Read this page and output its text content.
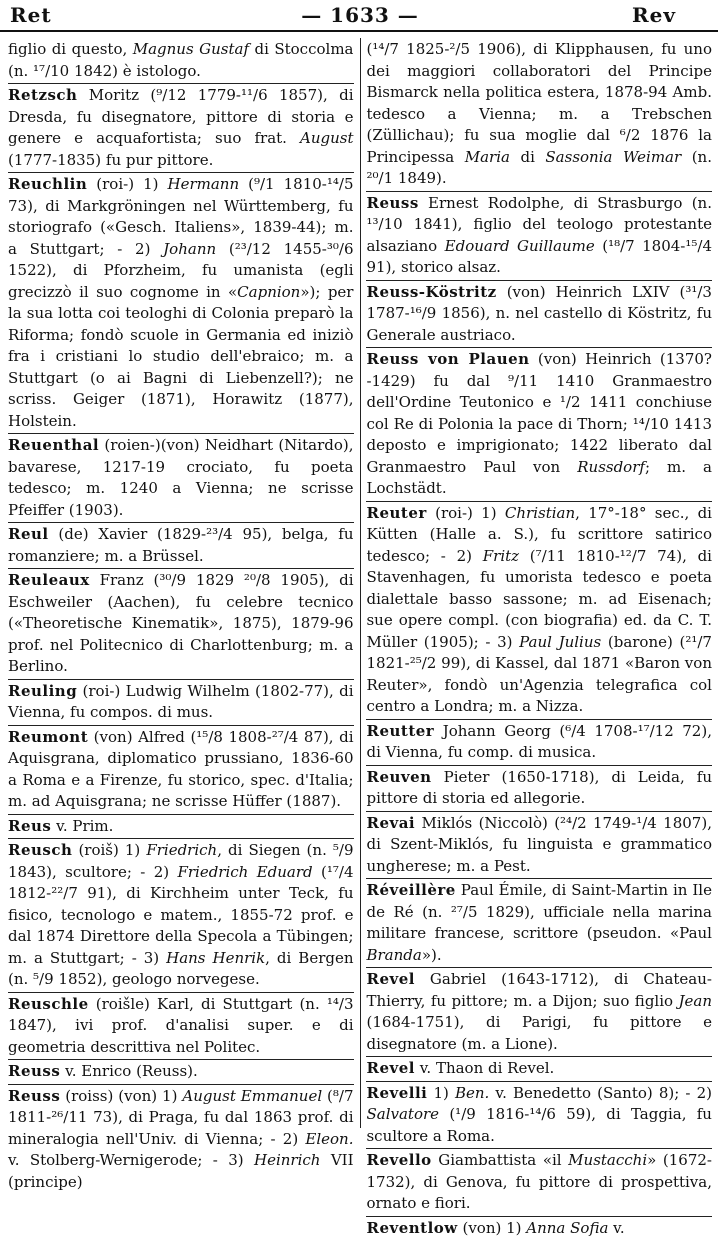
Ret	— 1633 —	Rev

figlio di questo, Magnus Gustaf di Stoccolma (n. ¹⁷/10 1842) è istologo.

Retzsch Moritz (⁹/12 1779-¹¹/6 1857), di Dresda, fu disegnatore, pittore di storia e genere e acquafortista; suo frat. August (1777-1835) fu pur pittore.

Reuchlin (roi-) 1) Hermann (⁹/1 1810-¹⁴/5 73), di Markgröningen nel Württemberg, fu storiografo («Gesch. Italiens», 1839-44); m. a Stuttgart; - 2) Johann (²³/12 1455-³⁰/6 1522), di Pforzheim, fu umanista (egli grecizzò il suo cognome in «Capnion»); per la sua lotta coi teologhi di Colonia preparò la Riforma; fondò scuole in Germania ed iniziò fra i cristiani lo studio dell'ebraico; m. a Stuttgart (o ai Bagni di Liebenzell?); ne scriss. Geiger (1871), Horawitz (1877), Holstein.

Reuenthal (roien-)(von) Neidhart (Nitardo), bavarese, 1217-19 crociato, fu poeta tedesco; m. 1240 a Vienna; ne scrisse Pfeiffer (1903).

Reul (de) Xavier (1829-²³/4 95), belga, fu romanziere; m. a Brüssel.

Reuleaux Franz (³⁰/9 1829 ²⁰/8 1905), di Eschweiler (Aachen), fu celebre tecnico («Theoretische Kinematik», 1875), 1879-96 prof. nel Politecnico di Charlottenburg; m. a Berlino.

Reuling (roi-) Ludwig Wilhelm (1802-77), di Vienna, fu compos. di mus.

Reumont (von) Alfred (¹⁵/8 1808-²⁷/4 87), di Aquisgrana, diplomatico prussiano, 1836-60 a Roma e a Firenze, fu storico, spec. d'Italia; m. ad Aquisgrana; ne scrisse Hüffer (1887).

Reus v. Prim.

Reusch (roiš) 1) Friedrich, di Siegen (n. ⁵/9 1843), scultore; - 2) Friedrich Eduard (¹⁷/4 1812-²²/7 91), di Kirchheim unter Teck, fu fisico, tecnologo e matem., 1855-72 prof. e dal 1874 Direttore della Specola a Tübingen; m. a Stuttgart; - 3) Hans Henrik, di Bergen (n. ⁵/9 1852), geologo norvegese.

Reuschle (roišle) Karl, di Stuttgart (n. ¹⁴/3 1847), ivi prof. d'analisi super. e di geometria descrittiva nel Politec.

Reuss v. Enrico (Reuss).

Reuss (roiss) (von) 1) August Emmanuel (⁸/7 1811-²⁶/11 73), di Praga, fu dal 1863 prof. di mineralogia nell'Univ. di Vienna; - 2) Eleon. v. Stolberg-Wernigerode; - 3) Heinrich VII (principe)

(¹⁴/7 1825-²/5 1906), di Klipphausen, fu uno dei maggiori collaboratori del Principe Bismarck nella politica estera, 1878-94 Amb. tedesco a Vienna; m. a Trebschen (Züllichau); fu sua moglie dal ⁶/2 1876 la Principessa Maria di Sassonia Weimar (n. ²⁰/1 1849).

Reuss Ernest Rodolphe, di Strasburgo (n. ¹³/10 1841), figlio del teologo protestante alsaziano Edouard Guillaume (¹⁸/7 1804-¹⁵/4 91), storico alsaz.

Reuss-Köstritz (von) Heinrich LXIV (³¹/3 1787-¹⁶/9 1856), n. nel castello di Köstritz, fu Generale austriaco.

Reuss von Plauen (von) Heinrich (1370?-1429) fu dal ⁹/11 1410 Granmaestro dell'Ordine Teutonico e ¹/2 1411 conchiuse col Re di Polonia la pace di Thorn; ¹⁴/10 1413 deposto e imprigionato; 1422 liberato dal Granmaestro Paul von Russdorf; m. a Lochstädt.

Reuter (roi-) 1) Christian, 17°-18° sec., di Kütten (Halle a. S.), fu scrittore satirico tedesco; - 2) Fritz (⁷/11 1810-¹²/7 74), di Stavenhagen, fu umorista tedesco e poeta dialettale basso sassone; m. ad Eisenach; sue opere compl. (con biografia) ed. da C. T. Müller (1905); - 3) Paul Julius (barone) (²¹/7 1821-²⁵/2 99), di Kassel, dal 1871 «Baron von Reuter», fondò un'Agenzia telegrafica col centro a Londra; m. a Nizza.

Reutter Johann Georg (⁶/4 1708-¹⁷/12 72), di Vienna, fu comp. di musica.

Reuven Pieter (1650-1718), di Leida, fu pittore di storia ed allegorie.

Revai Miklós (Niccolò) (²⁴/2 1749-¹/4 1807), di Szent-Miklós, fu linguista e grammatico ungherese; m. a Pest.

Réveillère Paul Émile, di Saint-Martin in Ile de Ré (n. ²⁷/5 1829), ufficiale nella marina militare francese, scrittore (pseudon. «Paul Branda»).

Revel Gabriel (1643-1712), di Chateau-Thierry, fu pittore; m. a Dijon; suo figlio Jean (1684-1751), di Parigi, fu pittore e disegnatore (m. a Lione).

Revel v. Thaon di Revel.

Revelli 1) Ben. v. Benedetto (Santo) 8); - 2) Salvatore (¹/9 1816-¹⁴/6 59), di Taggia, fu scultore a Roma.

Revello Giambattista «il Mustacchi» (1672-1732), di Genova, fu pittore di prospettiva, ornato e fiori.

Reventlow (von) 1) Anna Sofia v.
